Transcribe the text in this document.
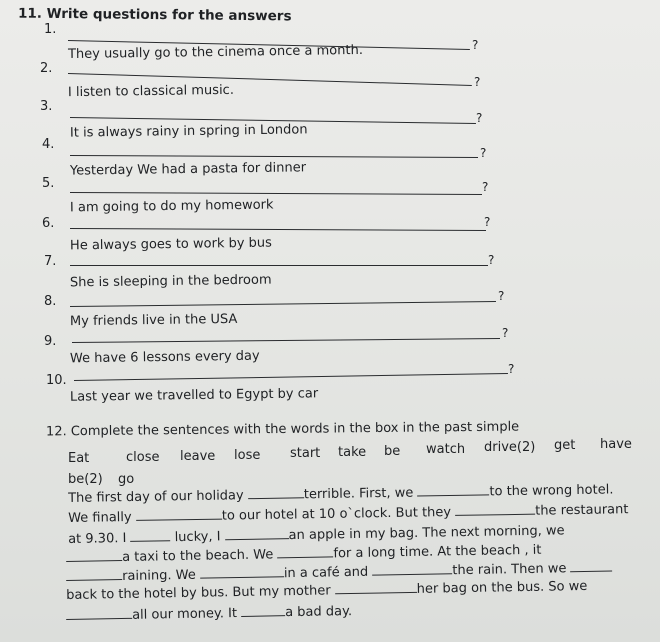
11. Write questions for the answers
1.
?
They usually go to the cinema once a month.
2.
?
I listen to classical music.
3.
?
It is always rainy in spring in London
4.
?
Yesterday We had a pasta for dinner
5.	?
I am going to do my homework
6.	?
He always goes to work by bus
7.	?
She is sleeping in the bedroom
8.	?
My friends live in the USA
9.
?
We have 6 lessons every day
10.
?
Last year we travelled to Egypt by car
12. Complete the sentences with the words in the box in the past simple
Eat	close leave lose start take be watch drive(2) get have
be(2) go
The first day of our holiday	terrible. First, we	to the wrong hotel.
We finally	to our hotel at 10 o`clock. But they	the restaurant
at 9.30. I	lucky, I	an apple in my bag. The next morning, we
a taxi to the beach. We	for a long time. At the beach , it
raining. We	in a café and	the rain. Then we
back to the hotel by bus. But my mother	her bag on the bus. So we
all our money. It	a bad day.
